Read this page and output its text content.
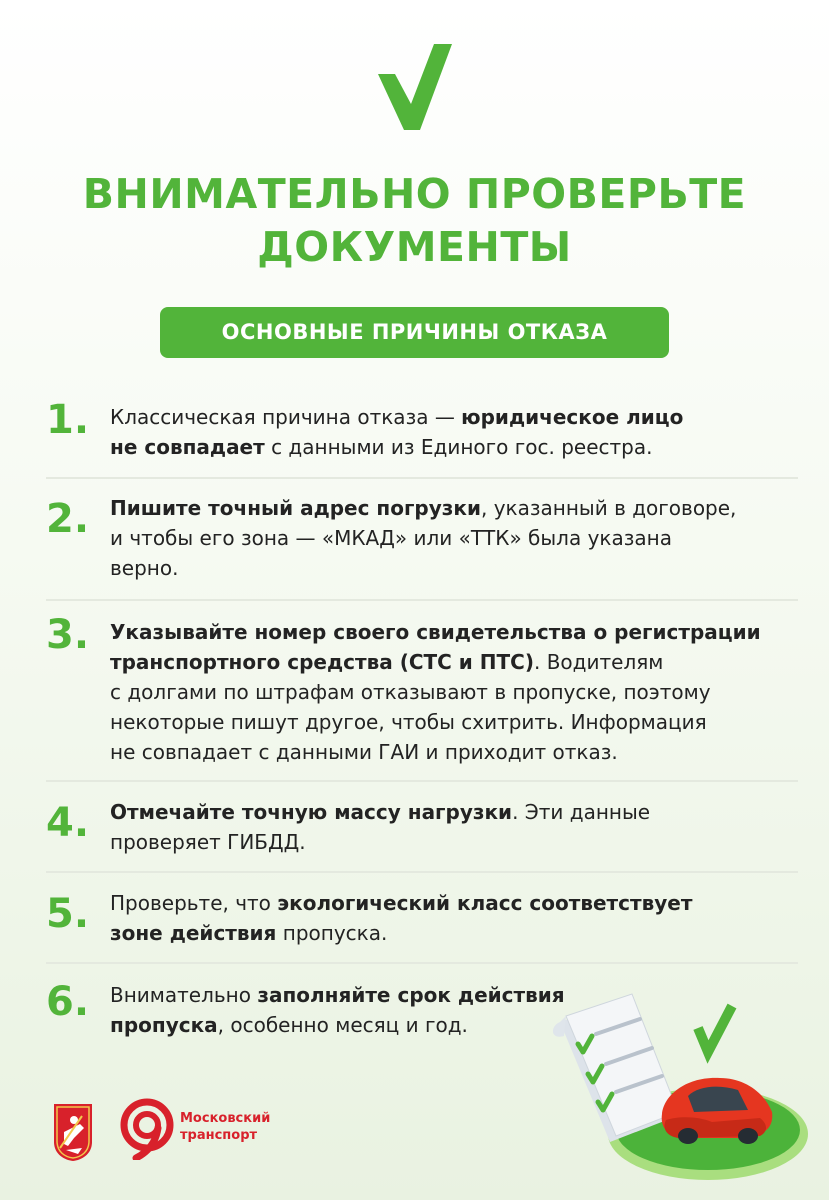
ВНИМАТЕЛЬНО ПРОВЕРЬТЕ
ДОКУМЕНТЫ
ОСНОВНЫЕ ПРИЧИНЫ ОТКАЗА
1.	Классическая причина отказа — юридическое лицо
не совпадает с данными из Единого гос. реестра.
2.	Пишите точный адрес погрузки, указанный в договоре,
и чтобы его зона — «МКАД» или «ТТК» была указана
верно.
3.	Указывайте номер своего свидетельства о регистрации
транспортного средства (СТС и ПТС). Водителям
с долгами по штрафам отказывают в пропуске, поэтому
некоторые пишут другое, чтобы схитрить. Информация
не совпадает с данными ГАИ и приходит отказ.
4.	Отмечайте точную массу нагрузки. Эти данные
проверяет ГИБДД.
5.	Проверьте, что экологический класс соответствует
зоне действия пропуска.
6.	Внимательно заполняйте срок действия
пропуска, особенно месяц и год.
Московский
транспорт
